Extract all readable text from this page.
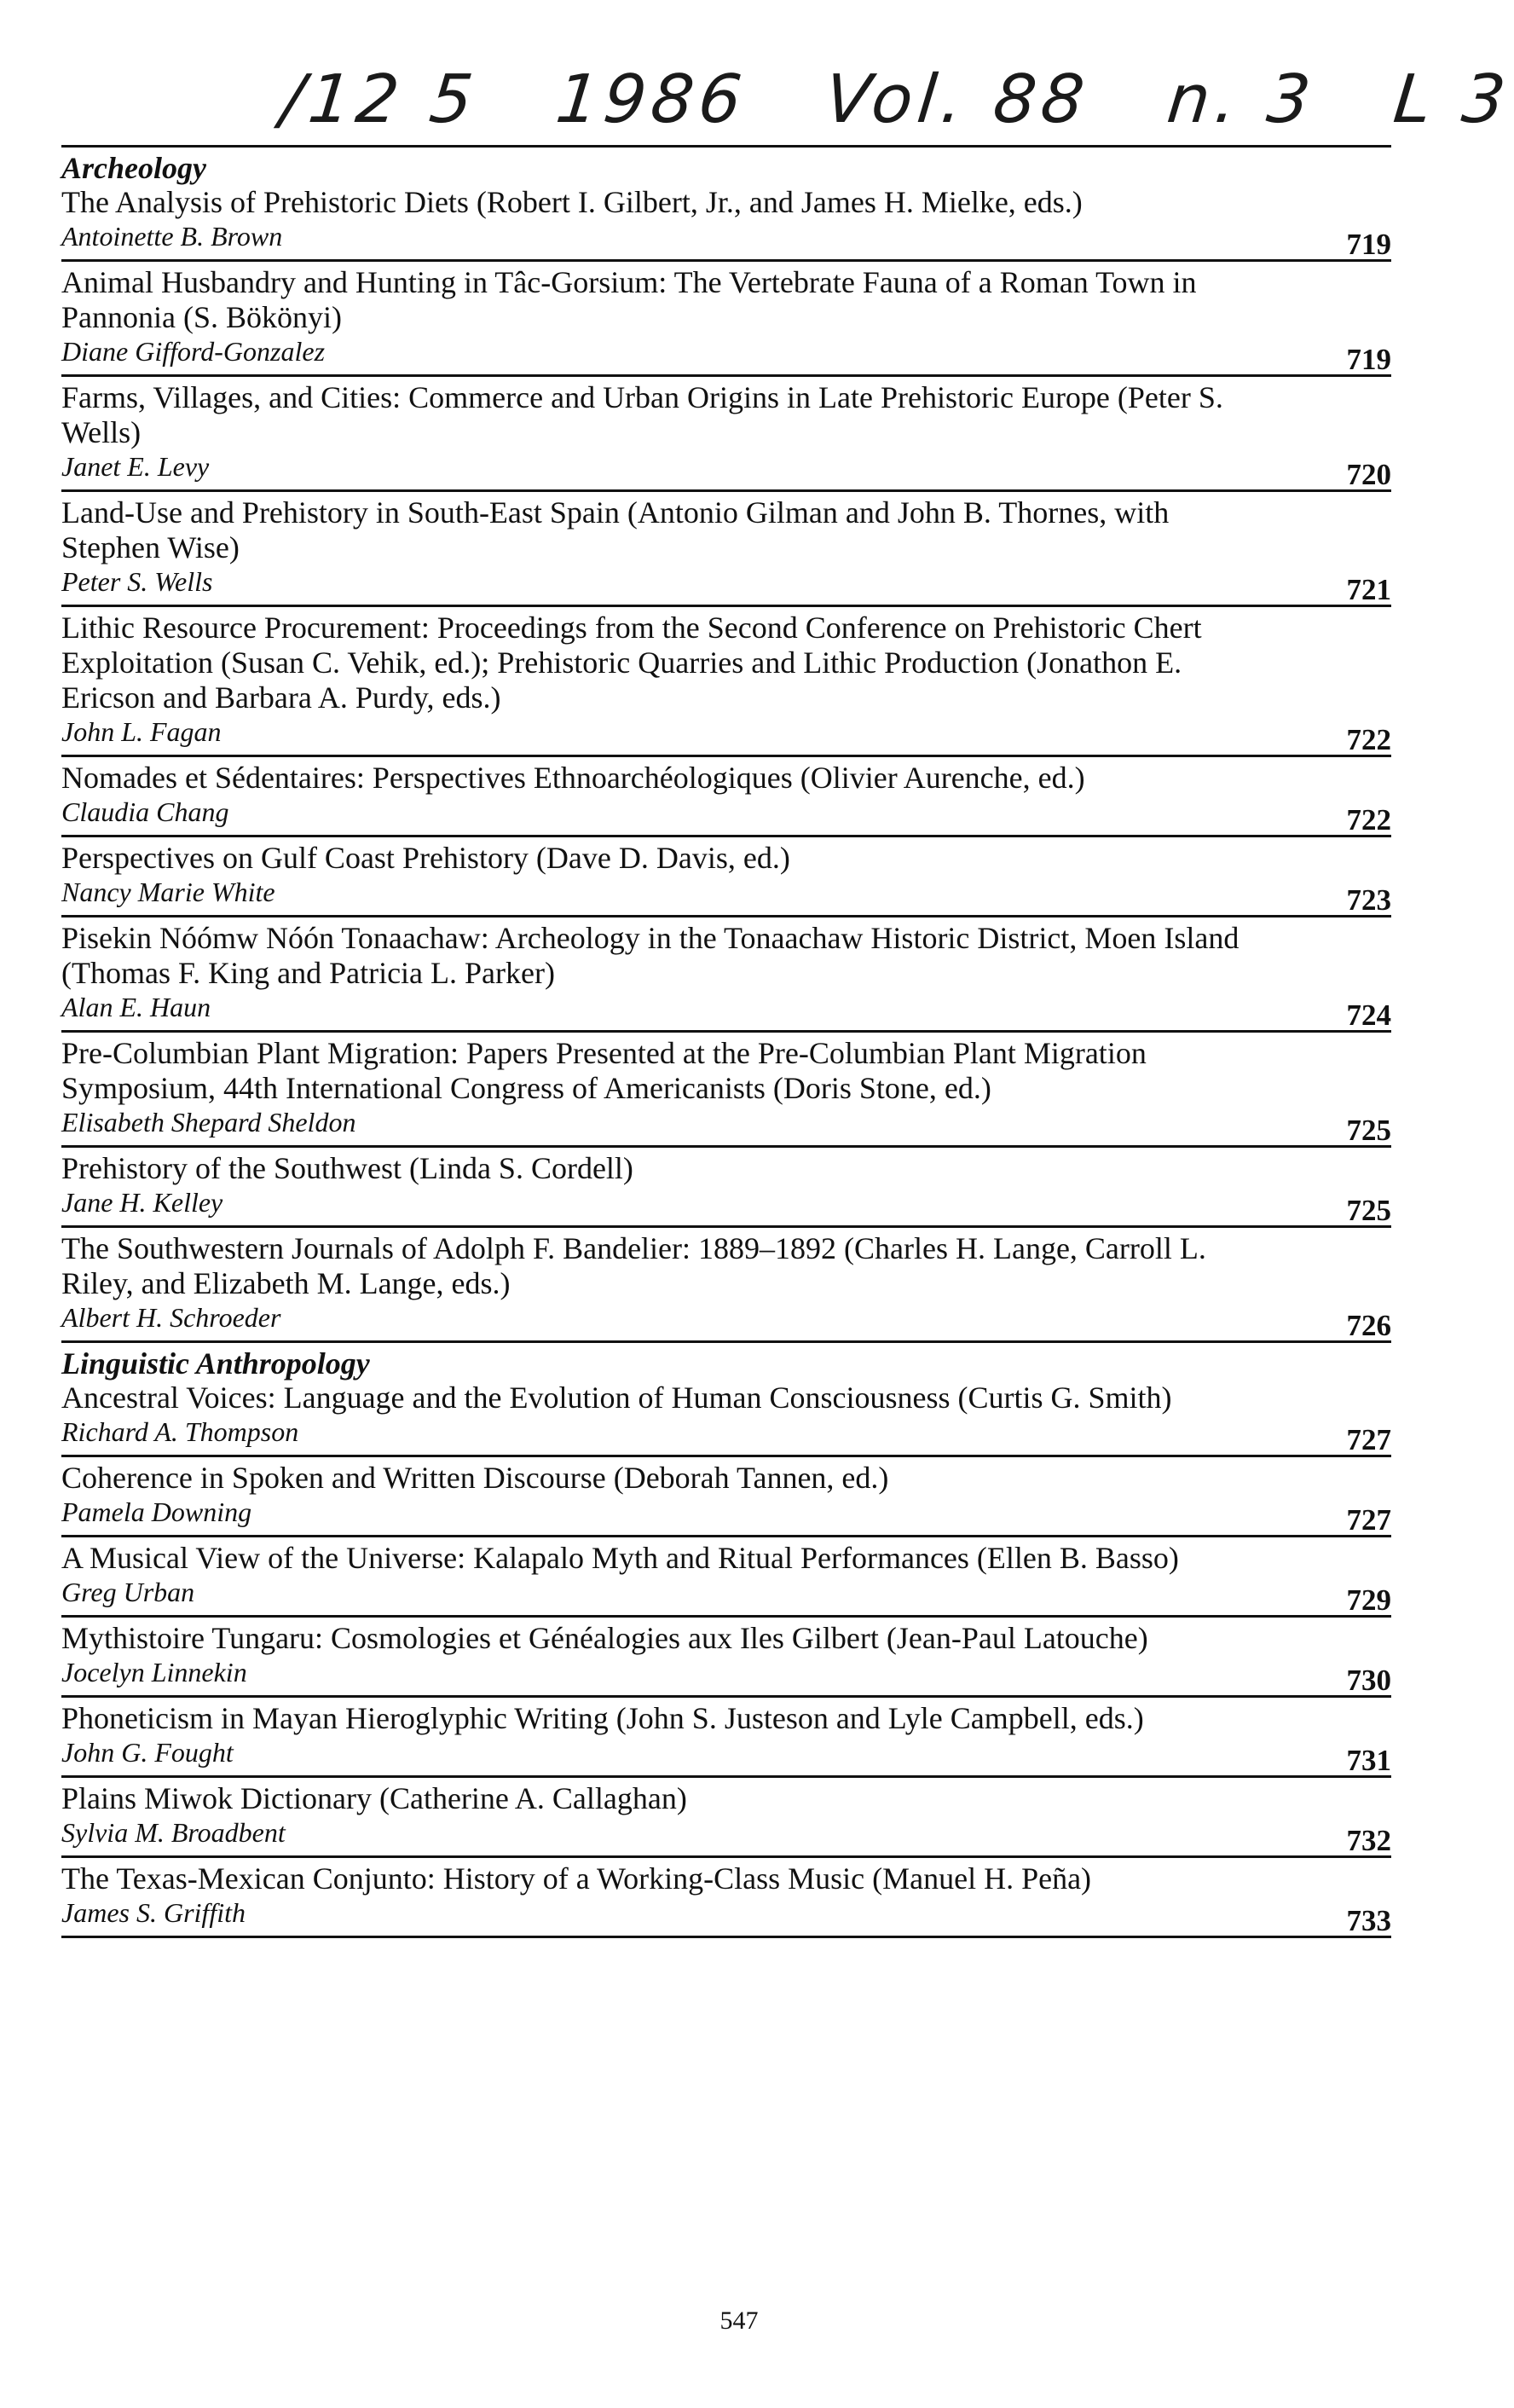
/12 5 1986 Vol. 88 n. 3 L 3
Archeology
The Analysis of Prehistoric Diets (Robert I. Gilbert, Jr., and James H. Mielke, eds.)
Antoinette B. Brown	719
Animal Husbandry and Hunting in Tâc-Gorsium: The Vertebrate Fauna of a Roman Town in Pannonia (S. Bökönyi)
Diane Gifford-Gonzalez	719
Farms, Villages, and Cities: Commerce and Urban Origins in Late Prehistoric Europe (Peter S. Wells)
Janet E. Levy	720
Land-Use and Prehistory in South-East Spain (Antonio Gilman and John B. Thornes, with Stephen Wise)
Peter S. Wells	721
Lithic Resource Procurement: Proceedings from the Second Conference on Prehistoric Chert Exploitation (Susan C. Vehik, ed.); Prehistoric Quarries and Lithic Production (Jonathon E. Ericson and Barbara A. Purdy, eds.)
John L. Fagan	722
Nomades et Sédentaires: Perspectives Ethnoarchéologiques (Olivier Aurenche, ed.)
Claudia Chang	722
Perspectives on Gulf Coast Prehistory (Dave D. Davis, ed.)
Nancy Marie White	723
Pisekin Nóómw Nóón Tonaachaw: Archeology in the Tonaachaw Historic District, Moen Island (Thomas F. King and Patricia L. Parker)
Alan E. Haun	724
Pre-Columbian Plant Migration: Papers Presented at the Pre-Columbian Plant Migration Symposium, 44th International Congress of Americanists (Doris Stone, ed.)
Elisabeth Shepard Sheldon	725
Prehistory of the Southwest (Linda S. Cordell)
Jane H. Kelley	725
The Southwestern Journals of Adolph F. Bandelier: 1889–1892 (Charles H. Lange, Carroll L. Riley, and Elizabeth M. Lange, eds.)
Albert H. Schroeder	726
Linguistic Anthropology
Ancestral Voices: Language and the Evolution of Human Consciousness (Curtis G. Smith)
Richard A. Thompson	727
Coherence in Spoken and Written Discourse (Deborah Tannen, ed.)
Pamela Downing	727
A Musical View of the Universe: Kalapalo Myth and Ritual Performances (Ellen B. Basso)
Greg Urban	729
Mythistoire Tungaru: Cosmologies et Généalogies aux Iles Gilbert (Jean-Paul Latouche)
Jocelyn Linnekin	730
Phoneticism in Mayan Hieroglyphic Writing (John S. Justeson and Lyle Campbell, eds.)
John G. Fought	731
Plains Miwok Dictionary (Catherine A. Callaghan)
Sylvia M. Broadbent	732
The Texas-Mexican Conjunto: History of a Working-Class Music (Manuel H. Peña)
James S. Griffith	733
547
